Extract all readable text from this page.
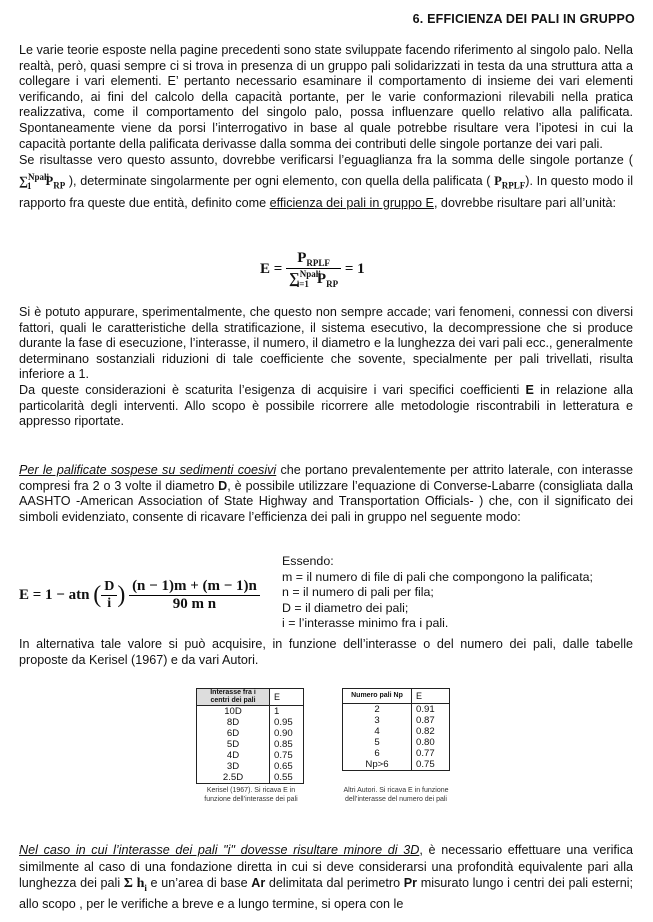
6. EFFICIENZA DEI PALI IN GRUPPO

Le varie teorie esposte nella pagine precedenti sono state sviluppate facendo riferimento al singolo palo. Nella realtà, però, quasi sempre ci si trova in presenza di un gruppo pali solidarizzati in testa da una struttura atta a collegare i vari elementi. E’ pertanto necessario esaminare il comportamento di insieme dei vari elementi verificando, ai fini del calcolo della capacità portante, per le varie conformazioni rilevabili nella pratica realizzativa, come il comportamento del singolo palo, possa influenzare quello relativo alla palificata. Spontaneamente viene da porsi l’interrogativo in base al quale potrebbe risultare vera l’ipotesi in cui la capacità portante della palificata derivasse dalla somma dei contributi delle singole portanze dei vari pali.

Se risultasse vero questo assunto, dovrebbe verificarsi l’eguaglianza fra la somma delle singole portanze ( ∑$^{Npali}_1$ $P_{RP}$ ), determinate singolarmente per ogni elemento, con quella della palificata ( $P_{RPLF}$). In questo modo il rapporto fra queste due entità, definito come efficienza dei pali in gruppo E, dovrebbe risultare pari all’unità:

$E = \frac{P_{RPLF}}{\sum^{Npali}_{i=1} P_{RP}} = 1$

Si è potuto appurare, sperimentalmente, che questo non sempre accade; vari fenomeni, connessi con diversi fattori, quali le caratteristiche della stratificazione, il sistema esecutivo, la decompressione che si produce durante la fase di esecuzione, l’interasse, il numero, il diametro e la lunghezza dei vari pali ecc., generalmente determinano sostanziali riduzioni di tale coefficiente che sovente, specialmente per pali trivellati, risulta inferiore a 1.

Da queste considerazioni è scaturita l’esigenza di acquisire i vari specifici coefficienti E in relazione alla particolarità degli interventi. Allo scopo è possibile ricorrere alle metodologie riscontrabili in letteratura e appresso riportate.

Per le palificate sospese su sedimenti coesivi che portano prevalentemente per attrito laterale, con interasse compresi fra 2 o 3 volte il diametro D, è possibile utilizzare l’equazione di Converse-Labarre (consigliata dalla AASHTO -American Association of State Highway and Transportation Officials- ) che, con il significato dei simboli evidenziato, consente di ricavare l’efficienza dei pali in gruppo nel seguente modo:

E = 1 − atn ( $\frac{D}{i}$ ) $\frac{(n - 1)m + (m - 1)n}{\text{90 m n}}$
Essendo:
m = il numero di file di pali che compongono la palificata;
n = il numero di pali per fila;
D = il diametro dei pali;
i = l’interasse minimo fra i pali.

In alternativa tale valore si può acquisire, in funzione dell’interasse o del numero dei pali, dalle tabelle proposte da Kerisel (1967) e da vari Autori.

Interasse fra i centri dei pali	E
10D	1
8D	0.95
6D	0.90
5D	0.85
4D	0.75
3D	0.65
2.5D	0.55
Kerisel (1967). Si ricava E in funzione dell’interasse dei pali
Numero pali Np	E
2	0.91
3	0.87
4	0.82
5	0.80
6	0.77
Np>6	0.75
Altri Autori. Si ricava E in funzione dell’interasse del numero dei pali

Nel caso in cui l’interasse dei pali "i" dovesse risultare minore di 3D, è necessario effettuare una verifica similmente al caso di una fondazione diretta in cui si deve considerarsi una profondità equivalente pari alla lunghezza dei pali Σ $h_i$ e un’area di base Ar delimitata dal perimetro Pr misurato lungo i centri dei pali esterni; allo scopo , per le verifiche a breve e a lungo termine, si opera con le
